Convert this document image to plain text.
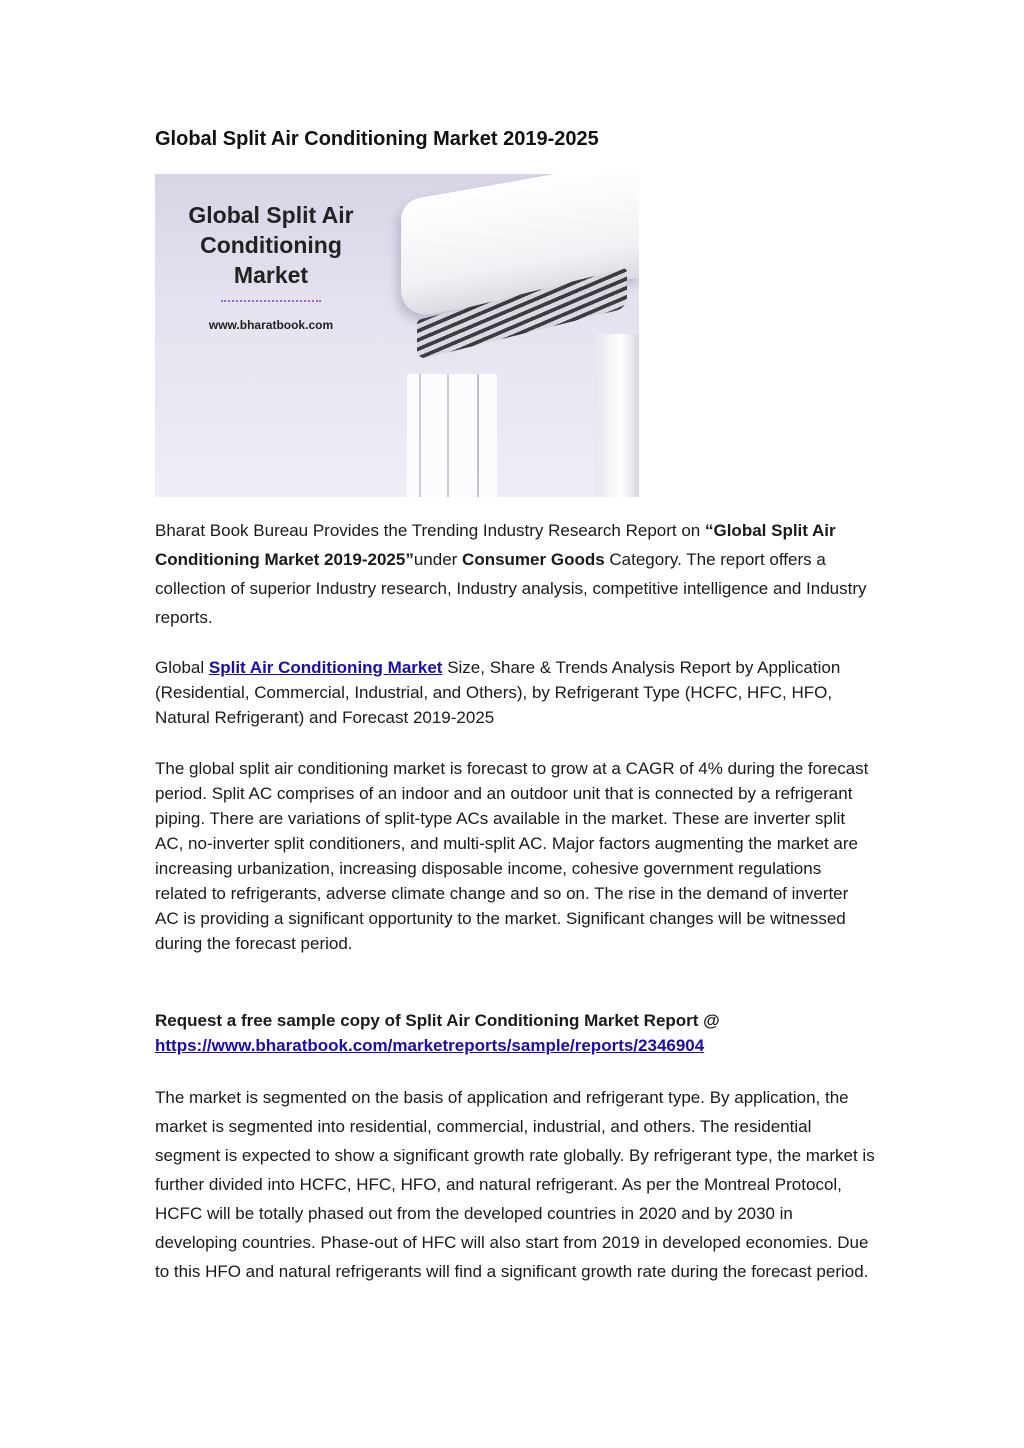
Global Split Air Conditioning Market 2019-2025
Global Split Air
Conditioning
Market
www.bharatbook.com

Bharat Book Bureau Provides the Trending Industry Research Report on “Global Split Air Conditioning Market 2019-2025”under Consumer Goods Category. The report offers a collection of superior Industry research, Industry analysis, competitive intelligence and Industry reports.

Global Split Air Conditioning Market Size, Share & Trends Analysis Report by Application (Residential, Commercial, Industrial, and Others), by Refrigerant Type (HCFC, HFC, HFO, Natural Refrigerant) and Forecast 2019-2025

The global split air conditioning market is forecast to grow at a CAGR of 4% during the forecast period. Split AC comprises of an indoor and an outdoor unit that is connected by a refrigerant piping. There are variations of split-type ACs available in the market. These are inverter split AC, no-inverter split conditioners, and multi-split AC. Major factors augmenting the market are increasing urbanization, increasing disposable income, cohesive government regulations related to refrigerants, adverse climate change and so on. The rise in the demand of inverter AC is providing a significant opportunity to the market. Significant changes will be witnessed during the forecast period.

Request a free sample copy of Split Air Conditioning Market Report @ https://www.bharatbook.com/marketreports/sample/reports/2346904

The market is segmented on the basis of application and refrigerant type. By application, the market is segmented into residential, commercial, industrial, and others. The residential segment is expected to show a significant growth rate globally. By refrigerant type, the market is further divided into HCFC, HFC, HFO, and natural refrigerant. As per the Montreal Protocol, HCFC will be totally phased out from the developed countries in 2020 and by 2030 in developing countries. Phase-out of HFC will also start from 2019 in developed economies. Due to this HFO and natural refrigerants will find a significant growth rate during the forecast period.
